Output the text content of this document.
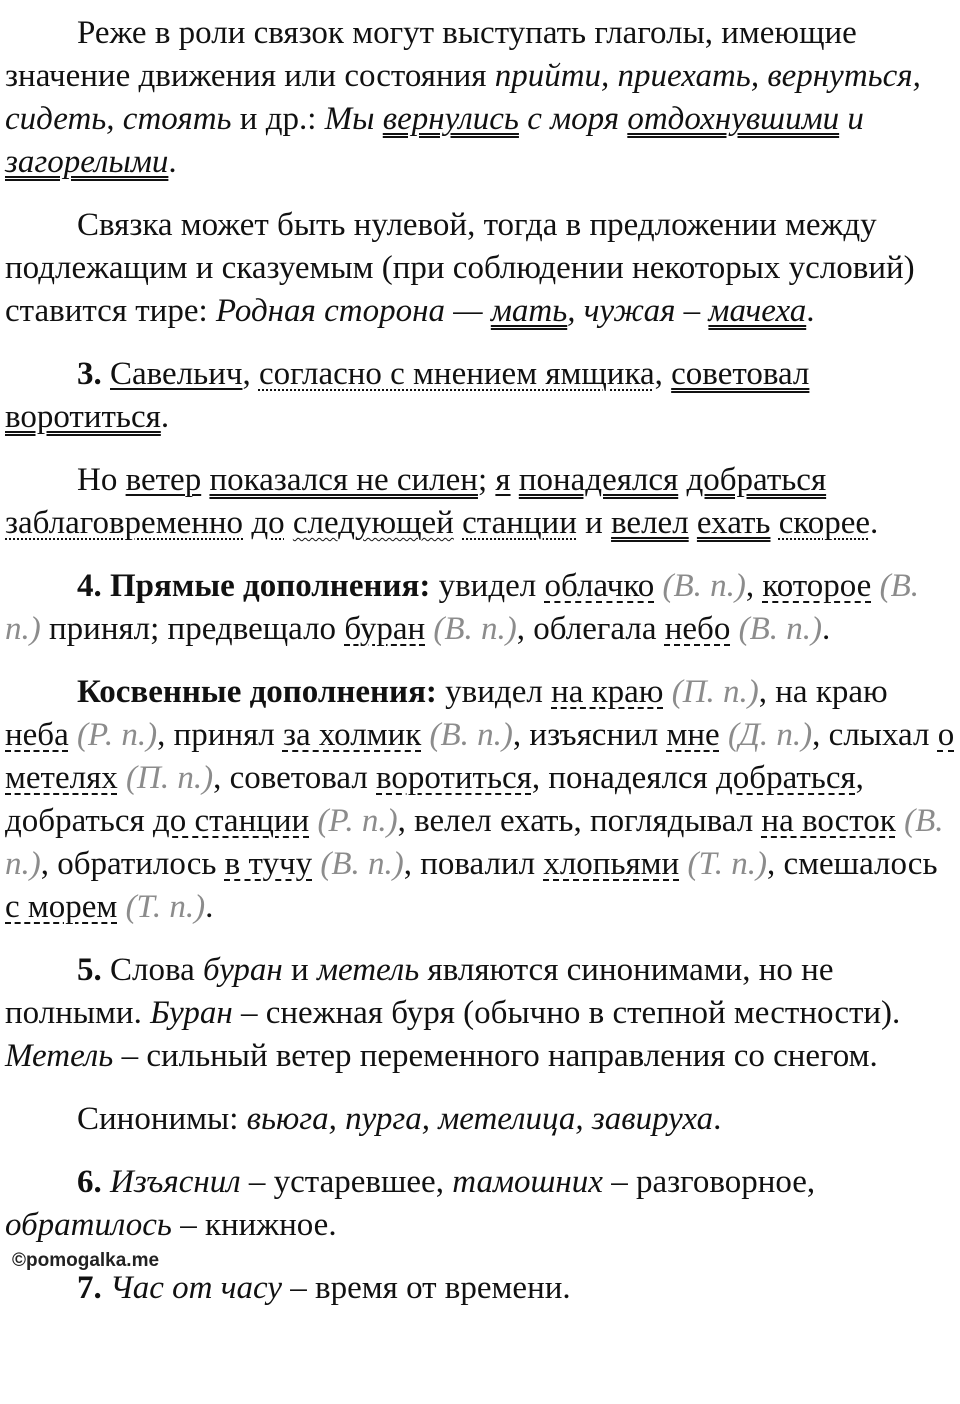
Реже в роли связок могут выступать глаголы, имеющие значение движения или состояния прийти, приехать, вернуться, сидеть, стоять и др.: Мы вернулись с моря отдохнувшими и загорелыми.

Связка может быть нулевой, тогда в предложении между подлежащим и сказуемым (при соблюдении некоторых условий) ставится тире: Родная сторона — мать, чужая – мачеха.

3. Савельич, согласно с мнением ямщика, советовал воротиться.

Но ветер показался не силен; я понадеялся добраться заблаговременно до следующей станции и велел ехать скорее.

4. Прямые дополнения: увидел облачко (В. п.), которое (В. п.) принял; предвещало буран (В. п.), облегала небо (В. п.).

Косвенные дополнения: увидел на краю (П. п.), на краю неба (Р. п.), принял за холмик (В. п.), изъяснил мне (Д. п.), слыхал о метелях (П. п.), советовал воротиться, понадеялся добраться, добраться до станции (Р. п.), велел ехать, поглядывал на восток (В. п.), обратилось в тучу (В. п.), повалил хлопьями (Т. п.), смешалось с морем (Т. п.).

5. Слова буран и метель являются синонимами, но не полными. Буран – снежная буря (обычно в степной местности). Метель – сильный ветер переменного направления со снегом.

Синонимы: вьюга, пурга, метелица, завируха.

6. Изъяснил – устаревшее, тамошних – разговорное, обратилось – книжное.

7. Час от часу – время от времени.

©pomogalka.me
